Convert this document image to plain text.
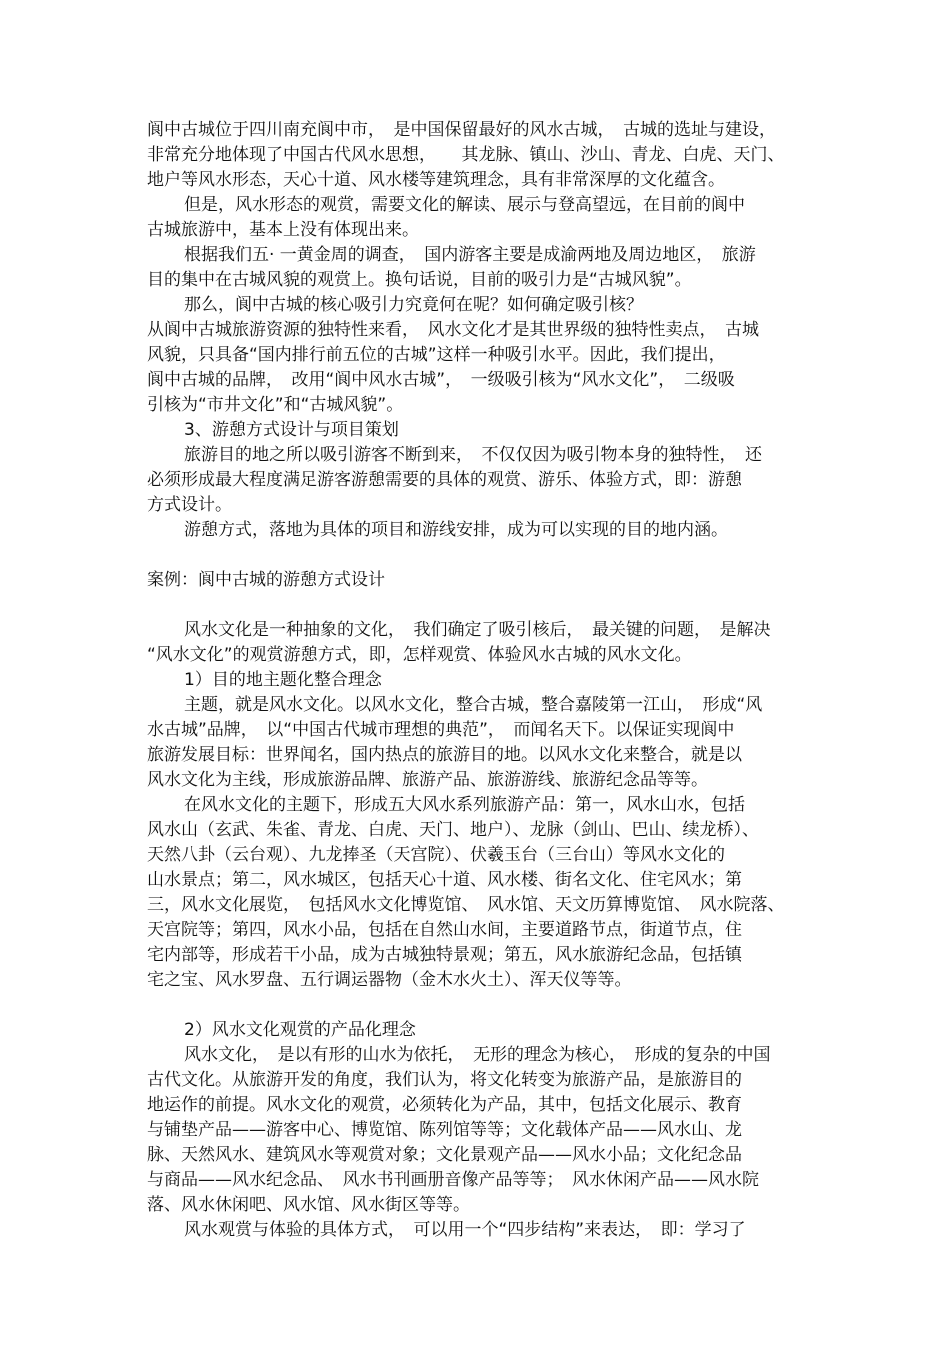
阆中古城位于四川南充阆中市，　是中国保留最好的风水古城，　古城的选址与建设，

非常充分地体现了中国古代风水思想，　　其龙脉、镇山、沙山、青龙、白虎、天门、

地户等风水形态，天心十道、风水楼等建筑理念，具有非常深厚的文化蕴含。

但是，风水形态的观赏，需要文化的解读、展示与登高望远，在目前的阆中

古城旅游中，基本上没有体现出来。

根据我们五· 一黄金周的调查，　国内游客主要是成渝两地及周边地区，　旅游

目的集中在古城风貌的观赏上。换句话说，目前的吸引力是“古城风貌”。

那么，阆中古城的核心吸引力究竟何在呢？如何确定吸引核？

从阆中古城旅游资源的独特性来看，　风水文化才是其世界级的独特性卖点，　古城

风貌，只具备“国内排行前五位的古城”这样一种吸引水平。因此，我们提出，

阆中古城的品牌，　改用“阆中风水古城”，　一级吸引核为“风水文化”，　二级吸

引核为“市井文化”和“古城风貌”。

3、游憩方式设计与项目策划

旅游目的地之所以吸引游客不断到来，　不仅仅因为吸引物本身的独特性，　还

必须形成最大程度满足游客游憩需要的具体的观赏、游乐、体验方式，即：游憩

方式设计。

游憩方式，落地为具体的项目和游线安排，成为可以实现的目的地内涵。

案例：阆中古城的游憩方式设计

风水文化是一种抽象的文化，　我们确定了吸引核后，　最关键的问题，　是解决

“风水文化”的观赏游憩方式，即，怎样观赏、体验风水古城的风水文化。

1）目的地主题化整合理念

主题，就是风水文化。以风水文化，整合古城，整合嘉陵第一江山，　形成“风

水古城”品牌，　以“中国古代城市理想的典范”，　而闻名天下。以保证实现阆中

旅游发展目标：世界闻名，国内热点的旅游目的地。以风水文化来整合，就是以

风水文化为主线，形成旅游品牌、旅游产品、旅游游线、旅游纪念品等等。

在风水文化的主题下，形成五大风水系列旅游产品：第一，风水山水，包括

风水山（玄武、朱雀、青龙、白虎、天门、地户）、龙脉（剑山、巴山、续龙桥）、

天然八卦（云台观）、九龙捧圣（天宫院）、伏羲玉台（三台山）等风水文化的

山水景点；第二，风水城区，包括天心十道、风水楼、街名文化、住宅风水；第

三，风水文化展览，　包括风水文化博览馆、　风水馆、天文历算博览馆、　风水院落、

天宫院等；第四，风水小品，包括在自然山水间，主要道路节点，街道节点，住

宅内部等，形成若干小品，成为古城独特景观；第五，风水旅游纪念品，包括镇

宅之宝、风水罗盘、五行调运器物（金木水火土）、浑天仪等等。

2）风水文化观赏的产品化理念

风水文化，　是以有形的山水为依托，　无形的理念为核心，　形成的复杂的中国

古代文化。从旅游开发的角度，我们认为，将文化转变为旅游产品，是旅游目的

地运作的前提。风水文化的观赏，必须转化为产品，其中，包括文化展示、教育

与铺垫产品——游客中心、博览馆、陈列馆等等；文化载体产品——风水山、龙

脉、天然风水、建筑风水等观赏对象；文化景观产品——风水小品；文化纪念品

与商品——风水纪念品、　风水书刊画册音像产品等等；　风水休闲产品——风水院

落、风水休闲吧、风水馆、风水街区等等。

风水观赏与体验的具体方式，　可以用一个“四步结构”来表达，　即：学习了
